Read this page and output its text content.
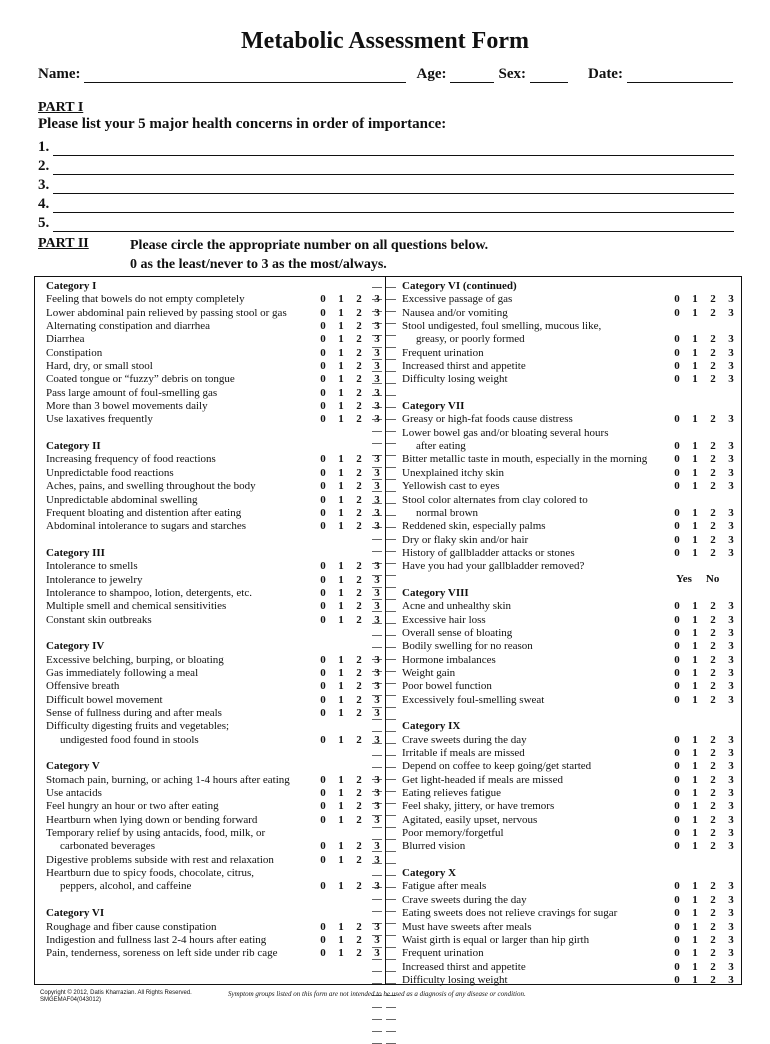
Metabolic Assessment Form
Name:	Age:	Sex:	Date:
PART I
Please list your 5 major health concerns in order of importance:
1.
2.
3.
4.
5.
PART II	Please circle the appropriate number on all questions below.
0 as the least/never to 3 as the most/always.
Category I
Feeling that bowels do not empty completely	0	1	2	3
Lower abdominal pain relieved by passing stool or gas	0	1	2	3
Alternating constipation and diarrhea	0	1	2	3
Diarrhea	0	1	2	3
Constipation	0	1	2	3
Hard, dry, or small stool	0	1	2	3
Coated tongue or “fuzzy” debris on tongue	0	1	2	3
Pass large amount of foul-smelling gas	0	1	2	3
More than 3 bowel movements daily	0	1	2	3
Use laxatives frequently	0	1	2	3
Category II
Increasing frequency of food reactions	0	1	2	3
Unpredictable food reactions	0	1	2	3
Aches, pains, and swelling throughout the body	0	1	2	3
Unpredictable abdominal swelling	0	1	2	3
Frequent bloating and distention after eating	0	1	2	3
Abdominal intolerance to sugars and starches	0	1	2	3
Category III
Intolerance to smells	0	1	2	3
Intolerance to jewelry	0	1	2	3
Intolerance to shampoo, lotion, detergents, etc.	0	1	2	3
Multiple smell and chemical sensitivities	0	1	2	3
Constant skin outbreaks	0	1	2	3
Category IV
Excessive belching, burping, or bloating	0	1	2	3
Gas immediately following a meal	0	1	2	3
Offensive breath	0	1	2	3
Difficult bowel movement	0	1	2	3
Sense of fullness during and after meals	0	1	2	3
Difficulty digesting fruits and vegetables;
undigested food found in stools	0	1	2	3
Category V
Stomach pain, burning, or aching 1-4 hours after eating	0	1	2	3
Use antacids	0	1	2	3
Feel hungry an hour or two after eating	0	1	2	3
Heartburn when lying down or bending forward	0	1	2	3
Temporary relief by using antacids, food, milk, or
carbonated beverages	0	1	2	3
Digestive problems subside with rest and relaxation	0	1	2	3
Heartburn due to spicy foods, chocolate, citrus,
peppers, alcohol, and caffeine	0	1	2	3
Category VI
Roughage and fiber cause constipation	0	1	2	3
Indigestion and fullness last 2-4 hours after eating	0	1	2	3
Pain, tenderness, soreness on left side under rib cage	0	1	2	3
Category VI (continued)
Excessive passage of gas	0	1	2	3
Nausea and/or vomiting	0	1	2	3
Stool undigested, foul smelling, mucous like,
greasy, or poorly formed	0	1	2	3
Frequent urination	0	1	2	3
Increased thirst and appetite	0	1	2	3
Difficulty losing weight	0	1	2	3
Category VII
Greasy or high-fat foods cause distress	0	1	2	3
Lower bowel gas and/or bloating several hours
after eating	0	1	2	3
Bitter metallic taste in mouth, especially in the morning	0	1	2	3
Unexplained itchy skin	0	1	2	3
Yellowish cast to eyes	0	1	2	3
Stool color alternates from clay colored to
normal brown	0	1	2	3
Reddened skin, especially palms	0	1	2	3
Dry or flaky skin and/or hair	0	1	2	3
History of gallbladder attacks or stones	0	1	2	3
Have you had your gallbladder removed?
Yes No
Category VIII
Acne and unhealthy skin	0	1	2	3
Excessive hair loss	0	1	2	3
Overall sense of bloating	0	1	2	3
Bodily swelling for no reason	0	1	2	3
Hormone imbalances	0	1	2	3
Weight gain	0	1	2	3
Poor bowel function	0	1	2	3
Excessively foul-smelling sweat	0	1	2	3
Category IX
Crave sweets during the day	0	1	2	3
Irritable if meals are missed	0	1	2	3
Depend on coffee to keep going/get started	0	1	2	3
Get light-headed if meals are missed	0	1	2	3
Eating relieves fatigue	0	1	2	3
Feel shaky, jittery, or have tremors	0	1	2	3
Agitated, easily upset, nervous	0	1	2	3
Poor memory/forgetful	0	1	2	3
Blurred vision	0	1	2	3
Category X
Fatigue after meals	0	1	2	3
Crave sweets during the day	0	1	2	3
Eating sweets does not relieve cravings for sugar	0	1	2	3
Must have sweets after meals	0	1	2	3
Waist girth is equal or larger than hip girth	0	1	2	3
Frequent urination	0	1	2	3
Increased thirst and appetite	0	1	2	3
Difficulty losing weight	0	1	2	3
Copyright © 2012, Datis Kharrazian. All Rights Reserved.
SMGEMAF04(043012)
Symptom groups listed on this form are not intended to be used as a diagnosis of any disease or condition.
